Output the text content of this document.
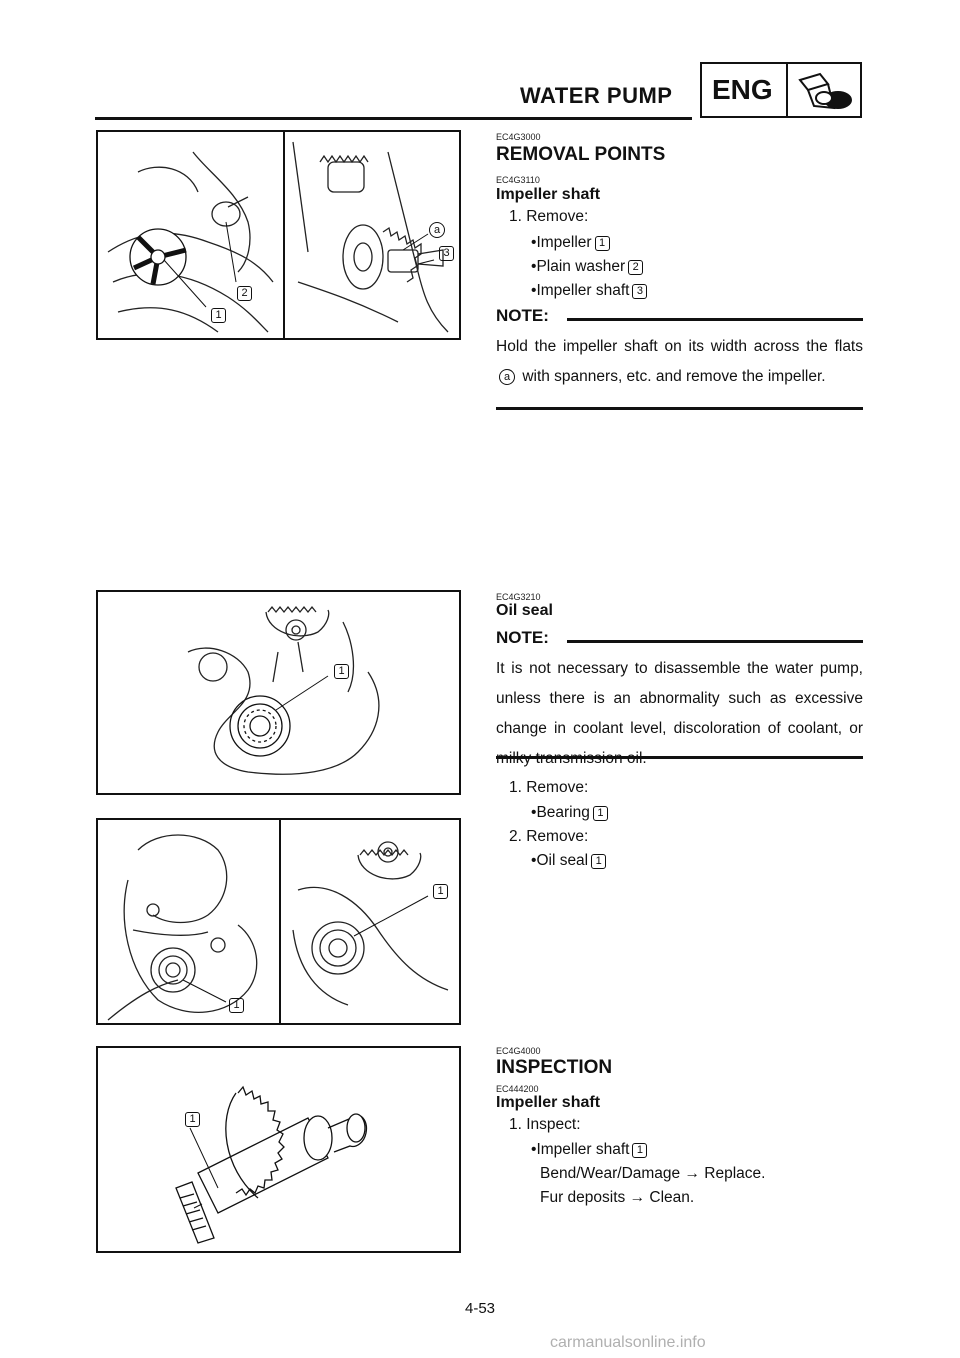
WATER PUMP ENG
1
2
a
3
EC4G3000
REMOVAL POINTS
EC4G3110
Impeller shaft
1. Remove:
•Impeller 1
•Plain washer 2
•Impeller shaft 3
NOTE:
Hold the impeller shaft on its width across the flats a with spanners, etc. and remove the impeller.
1
EC4G3210
Oil seal
NOTE:
It is not necessary to disassemble the water pump, unless there is an abnormality such as excessive change in coolant level, discoloration of coolant, or
1. Remove:
•Bearing 1
2. Remove:
•Oil seal 1
1
1
1
EC4G4000
INSPECTION
EC444200
Impeller shaft
1. Inspect:
•Impeller shaft 1
Bend/Wear/Damage → Replace.
Fur deposits → Clean.
4-53
carmanualsonline.info
